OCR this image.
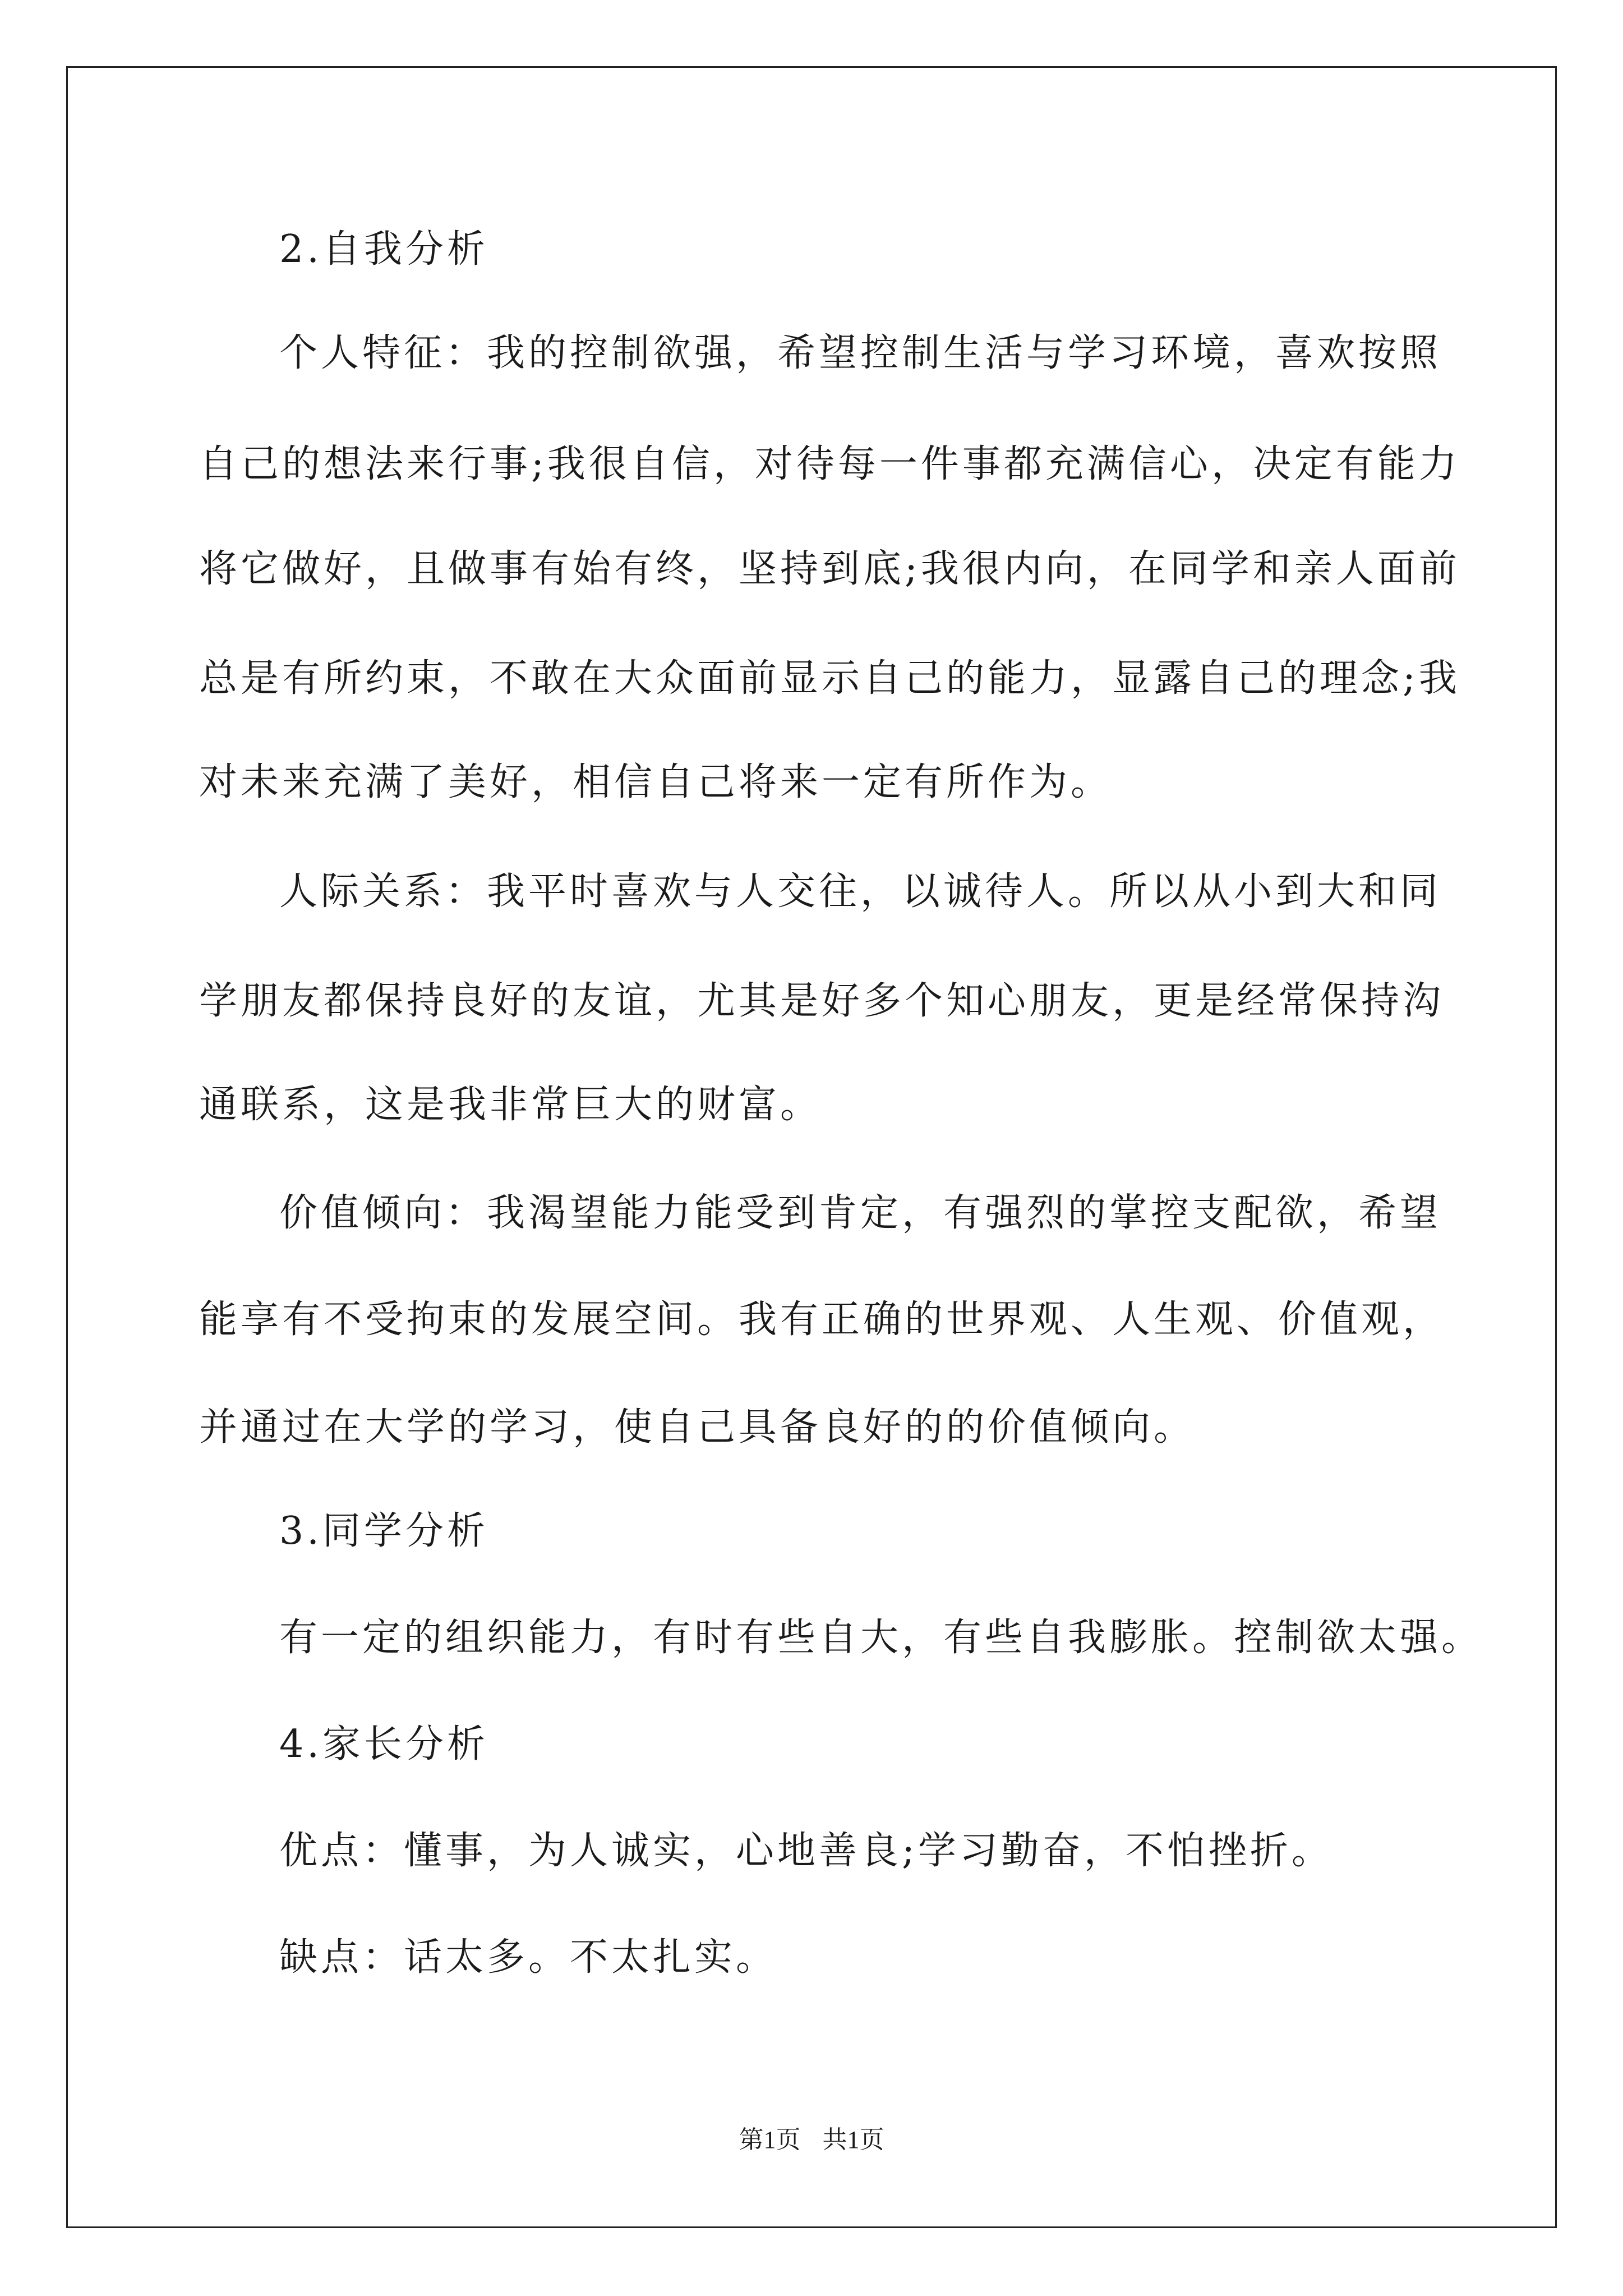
2.自我分析
个人特征：我的控制欲强，希望控制生活与学习环境，喜欢按照
自己的想法来行事;我很自信，对待每一件事都充满信心，决定有能力
将它做好，且做事有始有终，坚持到底;我很内向，在同学和亲人面前
总是有所约束，不敢在大众面前显示自己的能力，显露自己的理念;我
对未来充满了美好，相信自己将来一定有所作为。
人际关系：我平时喜欢与人交往，以诚待人。所以从小到大和同
学朋友都保持良好的友谊，尤其是好多个知心朋友，更是经常保持沟
通联系，这是我非常巨大的财富。
价值倾向：我渴望能力能受到肯定，有强烈的掌控支配欲，希望
能享有不受拘束的发展空间。我有正确的世界观、人生观、价值观，
并通过在大学的学习，使自己具备良好的的价值倾向。
3.同学分析
有一定的组织能力，有时有些自大，有些自我膨胀。控制欲太强。
4.家长分析
优点：懂事，为人诚实，心地善良;学习勤奋，不怕挫折。
缺点：话太多。不太扎实。
第1页 共1页
